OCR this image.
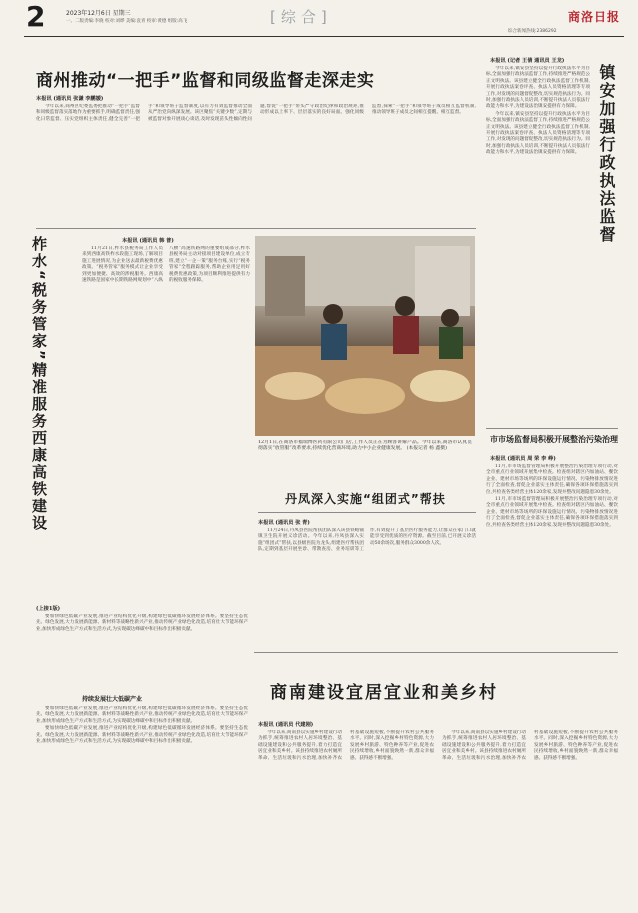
2	2023年12月6日 星期三
一、二版责编:李晓 校对:刘晔 美编:袁青 校审:黄德 组版:高飞	[综合]	商洛日报
综合新闻热线:2386292
商州推动“一把手”监督和同级监督走深走实
本报讯 (通讯员 张谦 李鹏媛)

今年以来,商州区纪委监委把推动“一把手”监督和同级监督落实落地作为重要抓手,明确监督责任,强化日常监督、压实党组织主体责任,健全完善“一把手”和领导班子监督制度,以有力有效监督推动全面从严治党向纵深发展。该区聚焦“关键少数”,定期与被监督对象开展谈心谈话,及时发现苗头性倾向性问题,督促“一把手”带头严守政治纪律和政治规矩,推动形成以上率下、层层落实的良好局面。强化同级监督,探索“一把手”和领导班子成员相互监督机制,推动领导班子成员之间相互提醒、相互监督。

柞水“税务管家”精准服务西康高铁建设	本报讯 (通讯员 韩 普)

11月21日,柞水县税务局工作人员来到西康高铁柞水段施工现场,了解项目施工进展情况,为企业送去最新税费优惠政策。“税务管家”服务模式让企业享受到更加便捷、高效的涉税服务。西康高速铁路是国家中长期铁路网规划中“八纵八横”高速铁路网的重要组成部分,柞水县税务局主动对接项目建设单位,成立专班,建立“一企一策”服务台账,实行“税务管家”全程跟踪服务,帮助企业用足用好税费优惠政策,为项目顺利推进提供有力的税收服务保障。

12月1日,在商洛市福瑞博医药有限公司门店,工作人员正在为顾客讲解产品。今年以来,商洛市认真贯彻落实“放管服”改革要求,持续优化营商环境,助力中小企业健康发展。 (本报记者 杨 鑫摄)
丹凤深入实施“组团式”帮扶
本报讯 (通讯员 张 青)

11月24日,丹凤县医院帮扶团队深入该县铁峪铺镇卫生院开展义诊活动。今年以来,丹凤县深入实施“组团式”帮扶,以县级医院为龙头,组建医疗帮扶团队,定期到基层开展坐诊、带教查房、业务培训等工作,有效提升了基层医疗服务能力,让群众在家门口就能享受到优质的医疗资源。截至目前,已开展义诊活动50余场次,服务群众3000余人次。

(上接1版)

要加快绿色低碳产业发展,推进产业结构优化升级,构建绿色低碳循环发展经济体系。要坚持生态优先、绿色发展,大力发展新能源、新材料等战略性新兴产业,推动传统产业绿色化改造,培育壮大节能环保产业,加快形成绿色生产方式和生活方式,为实现碳达峰碳中和目标作出积极贡献。

持续发展壮大低碳产业

要加快绿色低碳产业发展,推进产业结构优化升级,构建绿色低碳循环发展经济体系。要坚持生态优先、绿色发展,大力发展新能源、新材料等战略性新兴产业,推动传统产业绿色化改造,培育壮大节能环保产业,加快形成绿色生产方式和生活方式,为实现碳达峰碳中和目标作出积极贡献。

要加快绿色低碳产业发展,推进产业结构优化升级,构建绿色低碳循环发展经济体系。要坚持生态优先、绿色发展,大力发展新能源、新材料等战略性新兴产业,推动传统产业绿色化改造,培育壮大节能环保产业,加快形成绿色生产方式和生活方式,为实现碳达峰碳中和目标作出积极贡献。

镇安加强行政执法监督
本报讯 (记者 王倩 通讯员 王龙)

今年以来,镇安县坚持以提升行政执法水平为目标,全面加强行政执法监督工作,持续推进严格规范公正文明执法。该县建立健全行政执法监督工作机制,开展行政执法案卷评查、执法人员资格清理等专项工作,对发现的问题督促整改,切实规范执法行为。同时,加强行政执法人员培训,不断提升执法人员依法行政能力和水平,为建设法治镇安提供有力保障。

今年以来,镇安县坚持以提升行政执法水平为目标,全面加强行政执法监督工作,持续推进严格规范公正文明执法。该县建立健全行政执法监督工作机制,开展行政执法案卷评查、执法人员资格清理等专项工作,对发现的问题督促整改,切实规范执法行为。同时,加强行政执法人员培训,不断提升执法人员依法行政能力和水平,为建设法治镇安提供有力保障。

市市场监督局积极开展整治污染治理
本报讯 (通讯员 周 荣 李 峥)

11月,市市场监督管理局积极开展整治污染治理专项行动,对全市重点行业领域开展集中检查。检查组对辖区内加油站、餐饮企业、建材市场等场所的环保设施运行情况、污染物排放情况进行了全面检查,督促企业落实主体责任,确保各项环保措施落实到位,共检查各类经营主体120余家,发现并整改问题隐患30余处。

11月,市市场监督管理局积极开展整治污染治理专项行动,对全市重点行业领域开展集中检查。检查组对辖区内加油站、餐饮企业、建材市场等场所的环保设施运行情况、污染物排放情况进行了全面检查,督促企业落实主体责任,确保各项环保措施落实到位,共检查各类经营主体120余家,发现并整改问题隐患30余处。

商南建设宜居宜业和美乡村
本报讯 (通讯员 代建刚)

今年以来,商南县以实施乡村建设行动为抓手,统筹推进农村人居环境整治、基础设施建设和公共服务提升,着力打造宜居宜业和美乡村。该县持续推进农村厕所革命、生活垃圾和污水治理,加快补齐农村基础设施短板,不断提升农村公共服务水平。同时,深入挖掘乡村特色资源,大力发展乡村旅游、特色种养等产业,促进农民持续增收,乡村面貌焕然一新,群众幸福感、获得感不断增强。

今年以来,商南县以实施乡村建设行动为抓手,统筹推进农村人居环境整治、基础设施建设和公共服务提升,着力打造宜居宜业和美乡村。该县持续推进农村厕所革命、生活垃圾和污水治理,加快补齐农村基础设施短板,不断提升农村公共服务水平。同时,深入挖掘乡村特色资源,大力发展乡村旅游、特色种养等产业,促进农民持续增收,乡村面貌焕然一新,群众幸福感、获得感不断增强。
